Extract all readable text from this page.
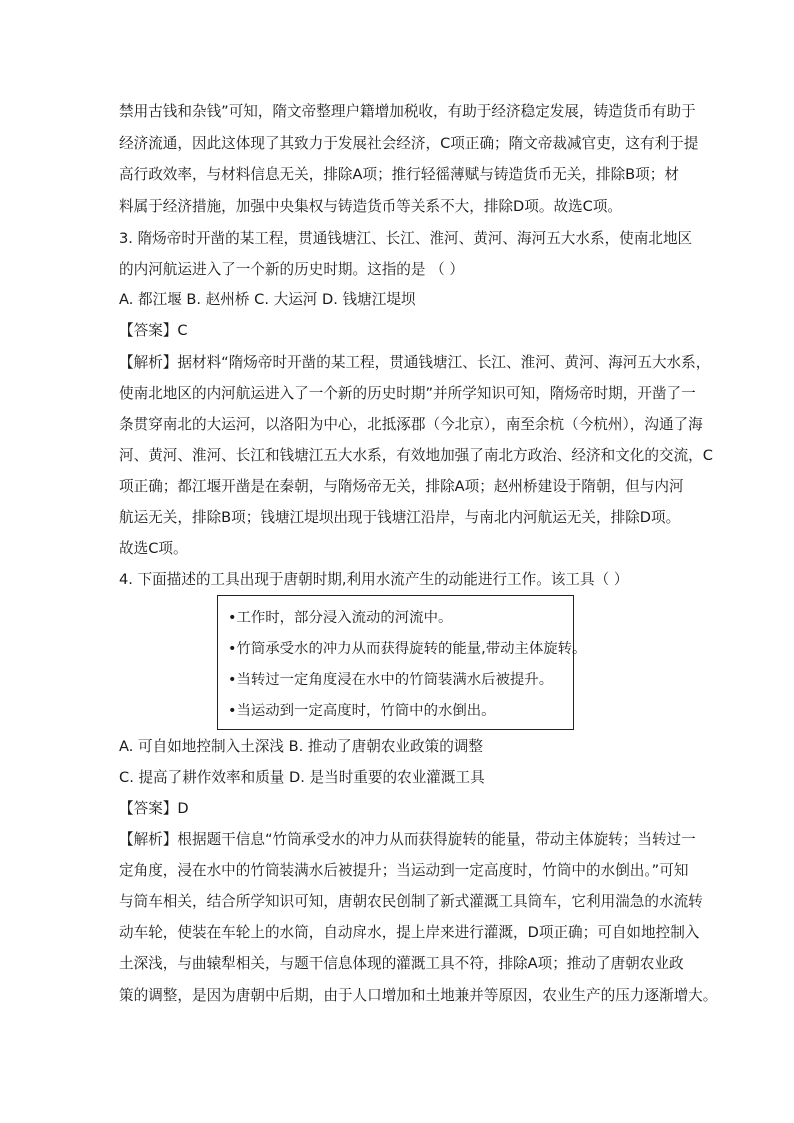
禁用古钱和杂钱”可知，隋文帝整理户籍增加税收，有助于经济稳定发展，铸造货币有助于
经济流通，因此这体现了其致力于发展社会经济，C项正确；隋文帝裁减官吏，这有利于提
高行政效率，与材料信息无关，排除A项；推行轻徭薄赋与铸造货币无关，排除B项；材
料属于经济措施，加强中央集权与铸造货币等关系不大，排除D项。故选C项。
3. 隋炀帝时开凿的某工程，贯通钱塘江、长江、淮河、黄河、海河五大水系，使南北地区
的内河航运进入了一个新的历史时期。这指的是 （ ）
A. 都江堰 B. 赵州桥 C. 大运河 D. 钱塘江堤坝
【答案】C
【解析】据材料“隋炀帝时开凿的某工程，贯通钱塘江、长江、淮河、黄河、海河五大水系，
使南北地区的内河航运进入了一个新的历史时期”并所学知识可知，隋炀帝时期，开凿了一
条贯穿南北的大运河，以洛阳为中心，北抵涿郡（今北京），南至余杭（今杭州），沟通了海
河、黄河、淮河、长江和钱塘江五大水系，有效地加强了南北方政治、经济和文化的交流，C
项正确；都江堰开凿是在秦朝，与隋炀帝无关，排除A项；赵州桥建设于隋朝，但与内河
航运无关，排除B项；钱塘江堤坝出现于钱塘江沿岸，与南北内河航运无关，排除D项。
故选C项。
4. 下面描述的工具出现于唐朝时期,利用水流产生的动能进行工作。该工具（ ）
•工作时，部分浸入流动的河流中。
•竹筒承受水的冲力从而获得旋转的能量,带动主体旋转。
•当转过一定角度浸在水中的竹筒装满水后被提升。
•当运动到一定高度时，竹筒中的水倒出。
A. 可自如地控制入土深浅 B. 推动了唐朝农业政策的调整
C. 提高了耕作效率和质量 D. 是当时重要的农业灌溉工具
【答案】D
【解析】根据题干信息“竹筒承受水的冲力从而获得旋转的能量，带动主体旋转；当转过一
定角度，浸在水中的竹筒装满水后被提升；当运动到一定高度时，竹筒中的水倒出。”可知
与筒车相关，结合所学知识可知，唐朝农民创制了新式灌溉工具筒车，它利用湍急的水流转
动车轮，使装在车轮上的水筒，自动戽水，提上岸来进行灌溉，D项正确；可自如地控制入
土深浅，与曲辕犁相关，与题干信息体现的灌溉工具不符，排除A项；推动了唐朝农业政
策的调整，是因为唐朝中后期，由于人口增加和土地兼并等原因，农业生产的压力逐渐增大。
